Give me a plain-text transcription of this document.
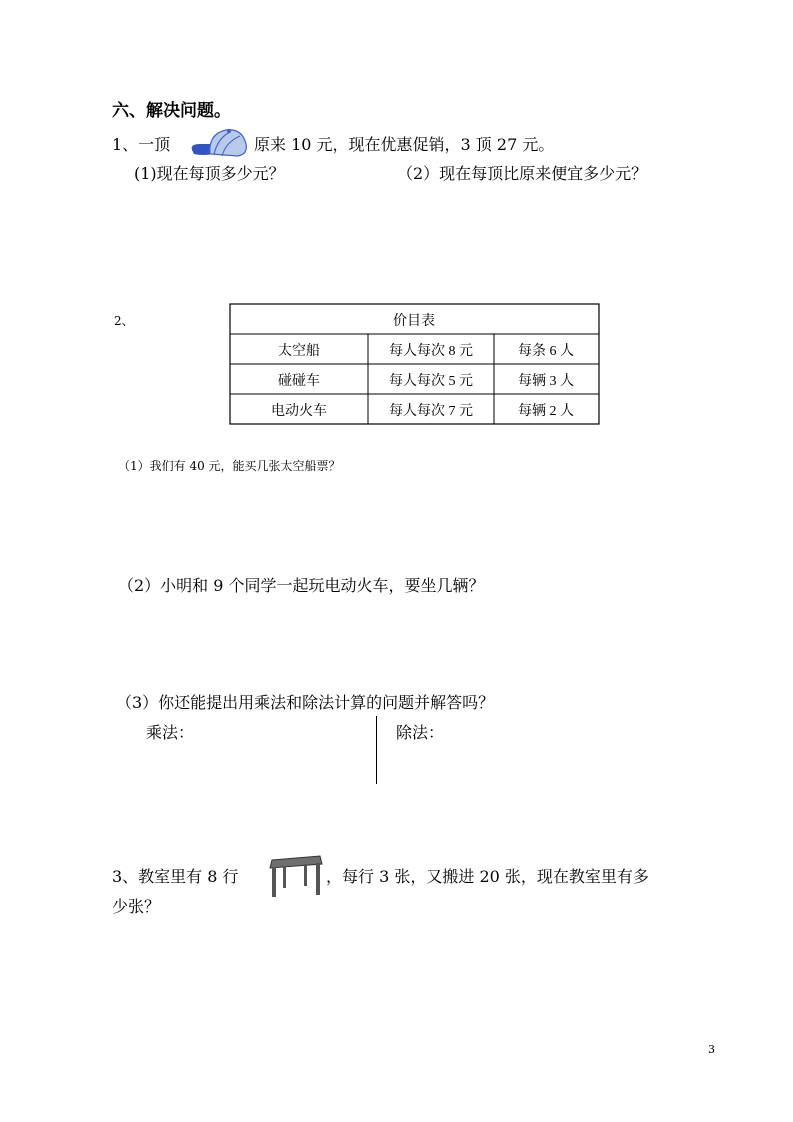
六、解决问题。
1、一顶	原来 10 元，现在优惠促销，3 顶 27 元。
(1)现在每顶多少元？	（2）现在每顶比原来便宜多少元？
2、	价目表
太空船	每人每次 8 元	每条 6 人
碰碰车	每人每次 5 元	每辆 3 人
电动火车	每人每次 7 元	每辆 2 人
（1）我们有 40 元，能买几张太空船票？
（2）小明和 9 个同学一起玩电动火车，要坐几辆？
（3）你还能提出用乘法和除法计算的问题并解答吗？
乘法：	除法：
3、教室里有 8 行	，每行 3 张，又搬进 20 张，现在教室里有多
少张？
3
